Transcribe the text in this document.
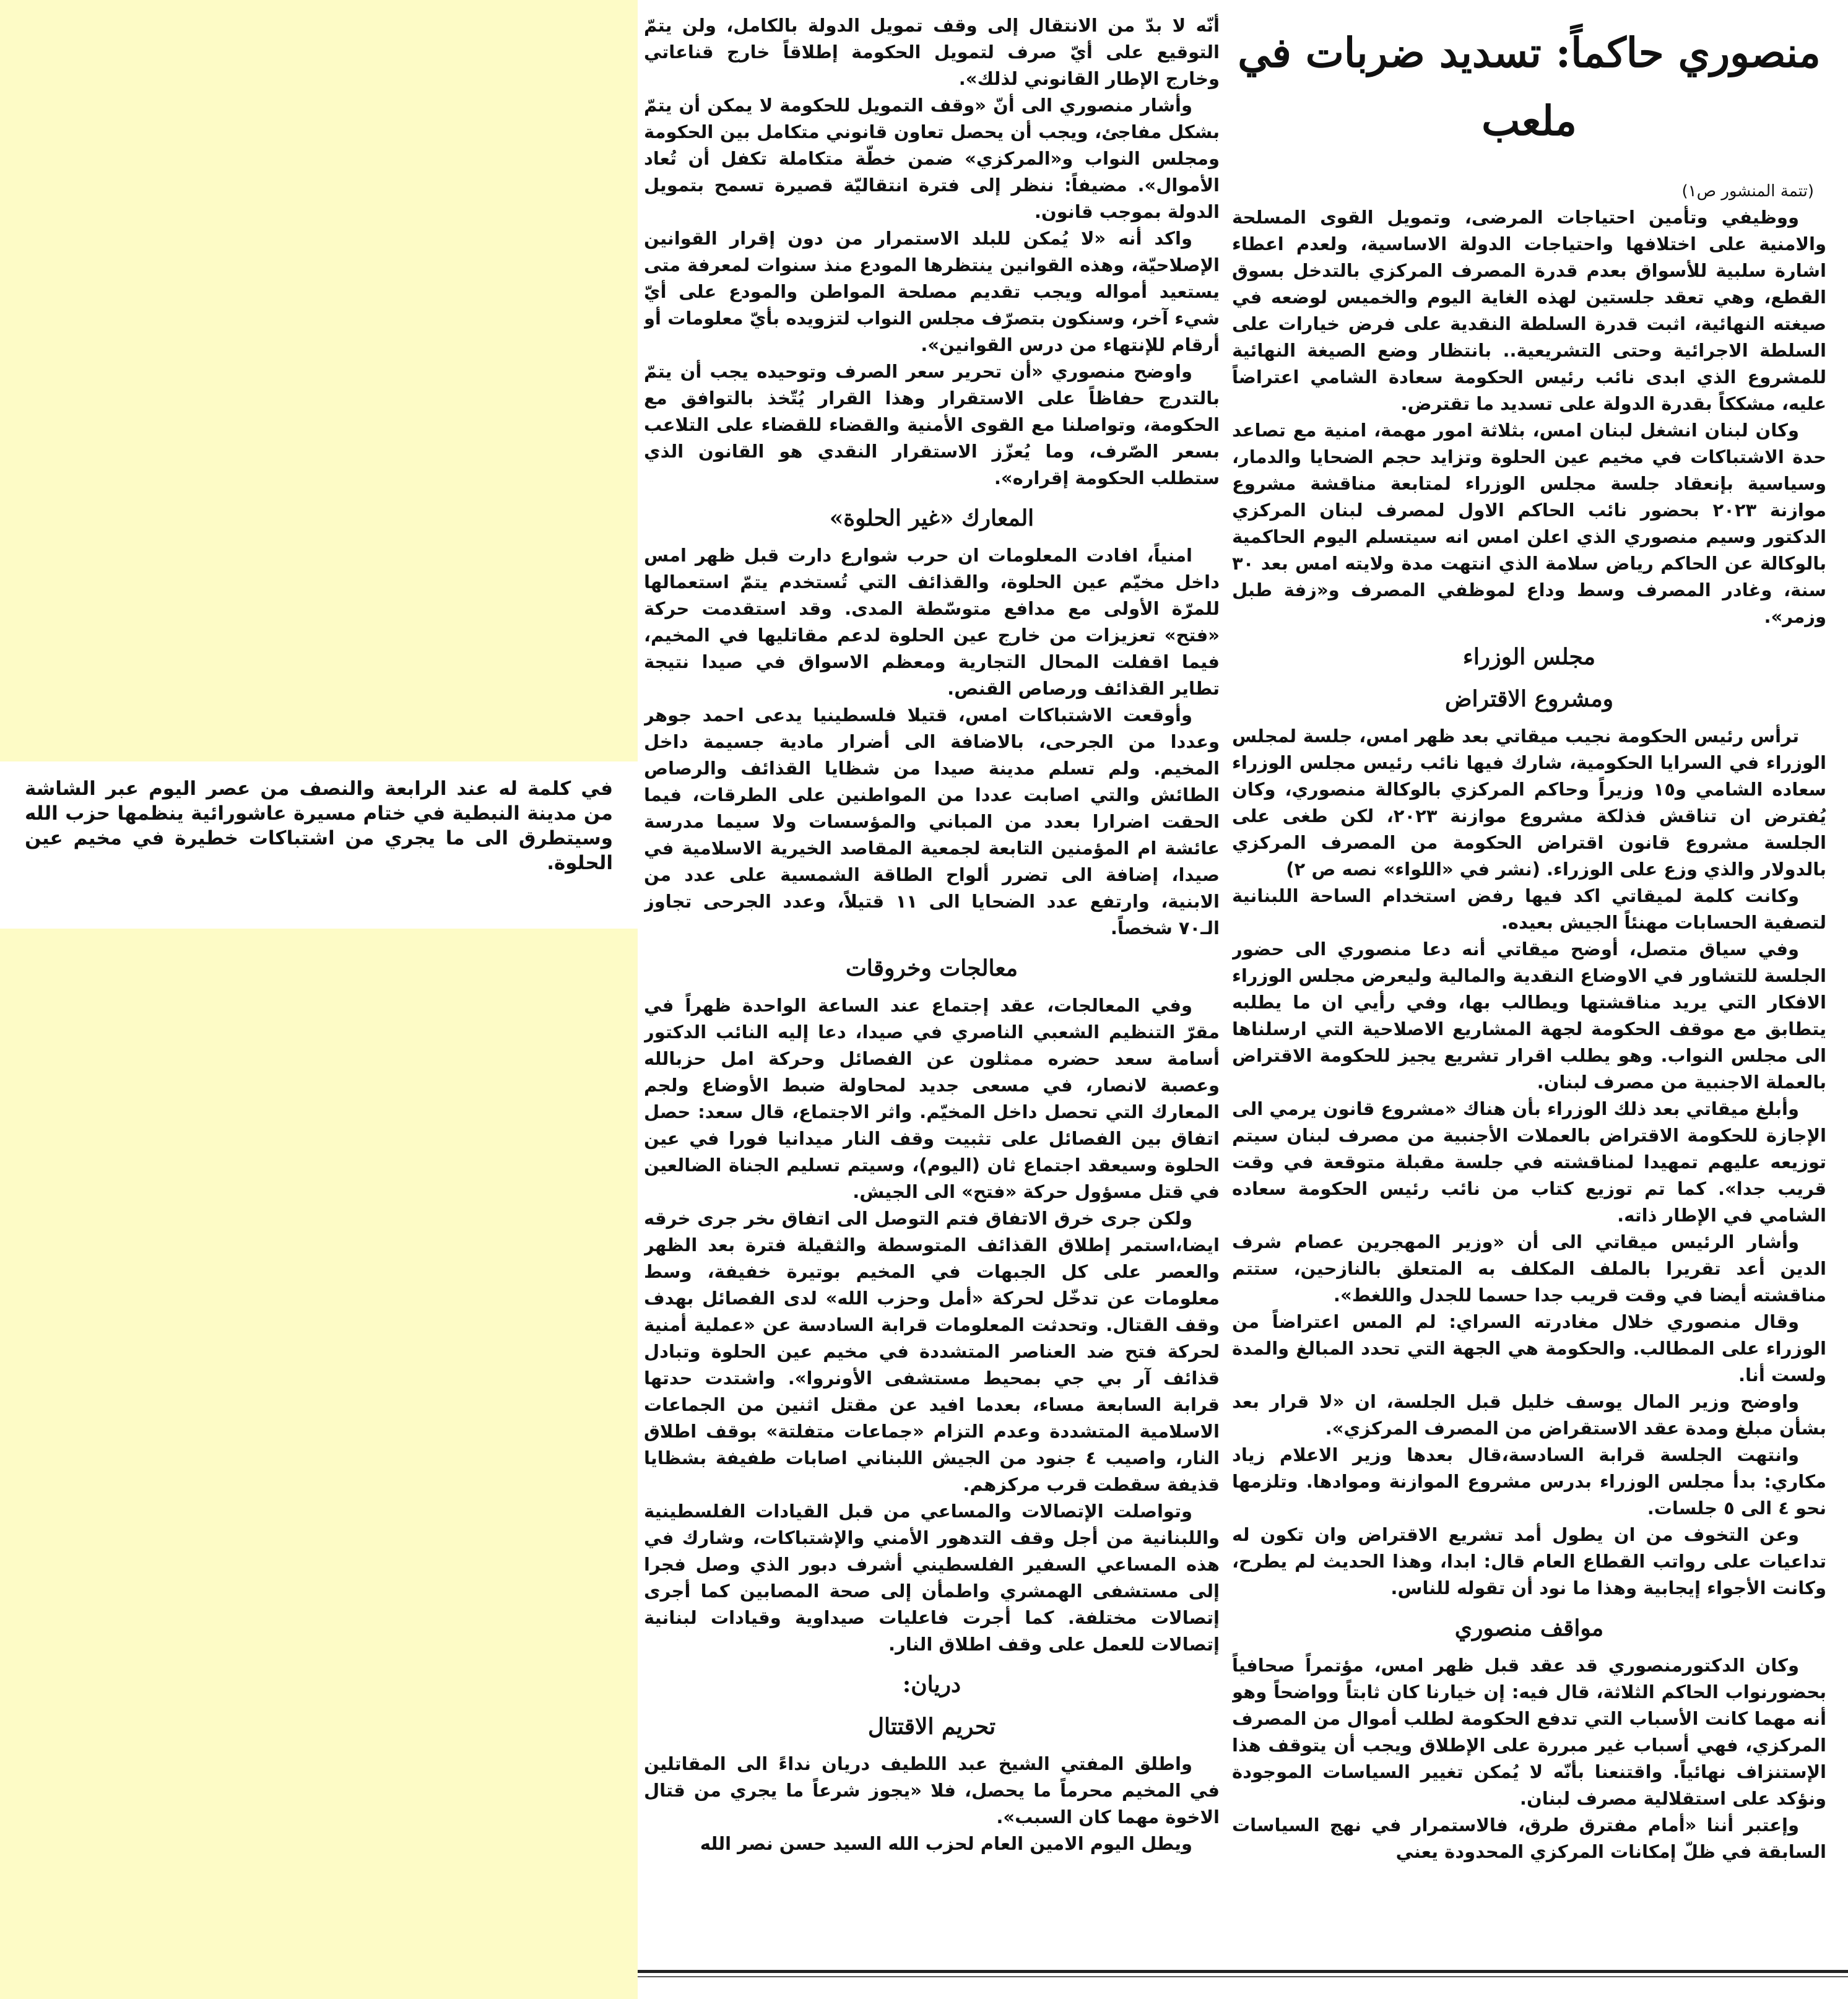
في كلمة له عند الرابعة والنصف من عصر اليوم عبر الشاشة من مدينة النبطية في ختام مسيرة عاشورائية ينظمها حزب الله وسيتطرق الى ما يجري من اشتباكات خطيرة في مخيم عين الحلوة.

منصوري حاكماً: تسديد ضربات في ملعب
(تتمة المنشور ص١)

ووظيفي وتأمين احتياجات المرضى، وتمويل القوى المسلحة والامنية على اختلافها واحتياجات الدولة الاساسية، ولعدم اعطاء اشارة سلبية للأسواق بعدم قدرة المصرف المركزي بالتدخل بسوق القطع، وهي تعقد جلستين لهذه الغاية اليوم والخميس لوضعه في صيغته النهائية، اثبت قدرة السلطة النقدية على فرض خيارات على السلطة الاجرائية وحتى التشريعية.. بانتظار وضع الصيغة النهائية للمشروع الذي ابدى نائب رئيس الحكومة سعادة الشامي اعتراضاً عليه، مشككاً بقدرة الدولة على تسديد ما تقترض.

وكان لبنان انشغل لبنان امس، بثلاثة امور مهمة، امنية مع تصاعد حدة الاشتباكات في مخيم عين الحلوة وتزايد حجم الضحايا والدمار، وسياسية بإنعقاد جلسة مجلس الوزراء لمتابعة مناقشة مشروع موازنة ٢٠٢٣ بحضور نائب الحاكم الاول لمصرف لبنان المركزي الدكتور وسيم منصوري الذي اعلن امس انه سيتسلم اليوم الحاكمية بالوكالة عن الحاكم رياض سلامة الذي انتهت مدة ولايته امس بعد ٣٠ سنة، وغادر المصرف وسط وداع لموظفي المصرف و«زفة طبل وزمر».

مجلس الوزراء
ومشروع الاقتراض

ترأس رئيس الحكومة نجيب ميقاتي بعد ظهر امس، جلسة لمجلس الوزراء في السرايا الحكومية، شارك فيها نائب رئيس مجلس الوزراء سعاده الشامي و١٥ وزيراً وحاكم المركزي بالوكالة منصوري، وكان يُفترض ان تناقش فذلكة مشروع موازنة ٢٠٢٣، لكن طغى على الجلسة مشروع قانون اقتراض الحكومة من المصرف المركزي بالدولار والذي وزع على الوزراء. (نشر في «اللواء» نصه ص ٢)

وكانت كلمة لميقاتي اكد فيها رفض استخدام الساحة اللبنانية لتصفية الحسابات مهنئاً الجيش بعيده.

وفي سياق متصل، أوضح ميقاتي أنه دعا منصوري الى حضور الجلسة للتشاور في الاوضاع النقدية والمالية وليعرض مجلس الوزراء الافكار التي يريد مناقشتها ويطالب بها، وفي رأيي ان ما يطلبه يتطابق مع موقف الحكومة لجهة المشاريع الاصلاحية التي ارسلناها الى مجلس النواب. وهو يطلب اقرار تشريع يجيز للحكومة الاقتراض بالعملة الاجنبية من مصرف لبنان.

وأبلغ ميقاتي بعد ذلك الوزراء بأن هناك «مشروع قانون يرمي الى الإجازة للحكومة الاقتراض بالعملات الأجنبية من مصرف لبنان سيتم توزيعه عليهم تمهيدا لمناقشته في جلسة مقبلة متوقعة في وقت قريب جدا». كما تم توزيع كتاب من نائب رئيس الحكومة سعاده الشامي في الإطار ذاته.

وأشار الرئيس ميقاتي الى أن «وزير المهجرين عصام شرف الدين أعد تقريرا بالملف المكلف به المتعلق بالنازحين، ستتم مناقشته أيضا في وقت قريب جدا حسما للجدل واللغط».

وقال منصوري خلال مغادرته السراي: لم المس اعتراضاً من الوزراء على المطالب. والحكومة هي الجهة التي تحدد المبالغ والمدة ولست أنا.

واوضح وزير المال يوسف خليل قبل الجلسة، ان «لا قرار بعد بشأن مبلغ ومدة عقد الاستقراض من المصرف المركزي».

وانتهت الجلسة قرابة السادسة،قال بعدها وزير الاعلام زياد مكاري: بدأ مجلس الوزراء بدرس مشروع الموازنة وموادها. وتلزمها نحو ٤ الى ٥ جلسات.

وعن التخوف من ان يطول أمد تشريع الاقتراض وان تكون له تداعيات على رواتب القطاع العام قال: ابدا، وهذا الحديث لم يطرح، وكانت الأجواء إيجابية وهذا ما نود أن تقوله للناس.

مواقف منصوري

وكان الدكتورمنصوري قد عقد قبل ظهر امس، مؤتمراً صحافياً بحضورنواب الحاكم الثلاثة، قال فيه: إن خيارنا كان ثابتاً وواضحاً وهو أنه مهما كانت الأسباب التي تدفع الحكومة لطلب أموال من المصرف المركزي، فهي أسباب غير مبررة على الإطلاق ويجب أن يتوقف هذا الإستنزاف نهائياً. واقتنعنا بأنّه لا يُمكن تغيير السياسات الموجودة ونؤكد على استقلالية مصرف لبنان.

وإعتبر أننا «أمام مفترق طرق، فالاستمرار في نهج السياسات السابقة في ظلّ إمكانات المركزي المحدودة يعني

أنّه لا بدّ من الانتقال إلى وقف تمويل الدولة بالكامل، ولن يتمّ التوقيع على أيّ صرف لتمويل الحكومة إطلاقاً خارج قناعاتي وخارج الإطار القانوني لذلك».

وأشار منصوري الى أنّ «وقف التمويل للحكومة لا يمكن أن يتمّ بشكل مفاجئ، ويجب أن يحصل تعاون قانوني متكامل بين الحكومة ومجلس النواب و«المركزي» ضمن خطّة متكاملة تكفل أن تُعاد الأموال». مضيفاً: ننظر إلى فترة انتقاليّة قصيرة تسمح بتمويل الدولة بموجب قانون.

واكد أنه «لا يُمكن للبلد الاستمرار من دون إقرار القوانين الإصلاحيّة، وهذه القوانين ينتظرها المودع منذ سنوات لمعرفة متى يستعيد أمواله ويجب تقديم مصلحة المواطن والمودع على أيّ شيء آخر، وسنكون بتصرّف مجلس النواب لتزويده بأيّ معلومات أو أرقام للإنتهاء من درس القوانين».

واوضح منصوري «أن تحرير سعر الصرف وتوحيده يجب أن يتمّ بالتدرج حفاظاً على الاستقرار وهذا القرار يُتّخذ بالتوافق مع الحكومة، وتواصلنا مع القوى الأمنية والقضاء للقضاء على التلاعب بسعر الصّرف، وما يُعزّز الاستقرار النقدي هو القانون الذي ستطلب الحكومة إقراره».

المعارك «غير الحلوة»

امنياً، افادت المعلومات ان حرب شوارع دارت قبل ظهر امس داخل مخيّم عين الحلوة، والقذائف التي تُستخدم يتمّ استعمالها للمرّة الأولى مع مدافع متوسّطة المدى. وقد استقدمت حركة «فتح» تعزيزات من خارج عين الحلوة لدعم مقاتليها في المخيم، فيما اقفلت المحال التجارية ومعظم الاسواق في صيدا نتيجة تطاير القذائف ورصاص القنص.

وأوقعت الاشتباكات امس، قتيلا فلسطينيا يدعى احمد جوهر وعددا من الجرحى، بالاضافة الى أضرار مادية جسيمة داخل المخيم. ولم تسلم مدينة صيدا من شظايا القذائف والرصاص الطائش والتي اصابت عددا من المواطنين على الطرقات، فيما الحقت اضرارا بعدد من المباني والمؤسسات ولا سيما مدرسة عائشة ام المؤمنين التابعة لجمعية المقاصد الخيرية الاسلامية في صيدا، إضافة الى تضرر ألواح الطاقة الشمسية على عدد من الابنية، وارتفع عدد الضحايا الى ١١ قتيلاً، وعدد الجرحى تجاوز الـ٧٠ شخصاً.

معالجات وخروقات

وفي المعالجات، عقد إجتماع عند الساعة الواحدة ظهراً في مقرّ التنظيم الشعبي الناصري في صيدا، دعا إليه النائب الدكتور أسامة سعد حضره ممثلون عن الفصائل وحركة امل حزبالله وعصبة لانصار، في مسعى جديد لمحاولة ضبط الأوضاع ولجم المعارك التي تحصل داخل المخيّم. واثر الاجتماع، قال سعد: حصل اتفاق بين الفصائل على تثبيت وقف النار ميدانيا فورا في عين الحلوة وسيعقد اجتماع ثان (اليوم)، وسيتم تسليم الجناة الضالعين في قتل مسؤول حركة «فتح» الى الجيش.

ولكن جرى خرق الاتفاق فتم التوصل الى اتفاق ىخر جرى خرقه ايضا،استمر إطلاق القذائف المتوسطة والثقيلة فترة بعد الظهر والعصر على كل الجبهات في المخيم بوتيرة خفيفة، وسط معلومات عن تدخّل لحركة «أمل وحزب الله» لدى الفصائل بهدف وقف القتال. وتحدثت المعلومات قرابة السادسة عن «عملية أمنية لحركة فتح ضد العناصر المتشددة في مخيم عين الحلوة وتبادل قذائف آر بي جي بمحيط مستشفى الأونروا». واشتدت حدتها قرابة السابعة مساء، بعدما افيد عن مقتل اثنين من الجماعات الاسلامية المتشددة وعدم التزام «جماعات متفلتة» بوقف اطلاق النار، واصيب ٤ جنود من الجيش اللبناني اصابات طفيفة بشظايا قذيفة سقطت قرب مركزهم.

وتواصلت الإتصالات والمساعي من قبل القيادات الفلسطينية واللبنانية من أجل وقف التدهور الأمني والإشتباكات، وشارك في هذه المساعي السفير الفلسطيني أشرف دبور الذي وصل فجرا إلى مستشفى الهمشري واطمأن إلى صحة المصابين كما أجرى إتصالات مختلفة. كما أجرت فاعليات صيداوية وقيادات لبنانية إتصالات للعمل على وقف اطلاق النار.

دريان:
تحريم الاقتتال

واطلق المفتي الشيخ عبد اللطيف دريان نداءً الى المقاتلين في المخيم محرماً ما يحصل، فلا «يجوز شرعاً ما يجري من قتال الاخوة مهما كان السبب».

ويطل اليوم الامين العام لحزب الله السيد حسن نصر الله
